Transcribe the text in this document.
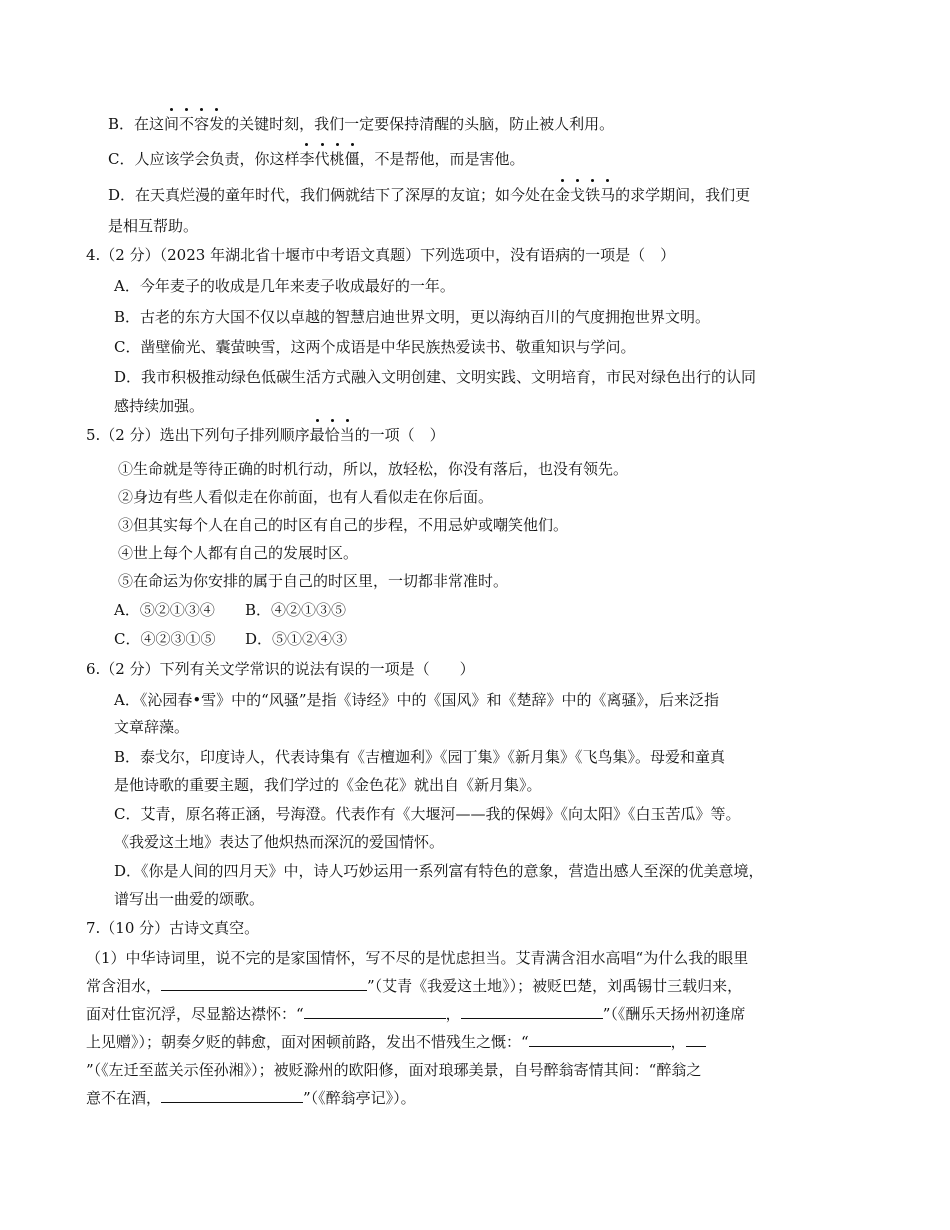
B．在这间不容发的关键时刻，我们一定要保持清醒的头脑，防止被人利用。
C．人应该学会负责，你这样李代桃僵，不是帮他，而是害他。
D．在天真烂漫的童年时代，我们俩就结下了深厚的友谊；如今处在金戈铁马的求学期间，我们更
是相互帮助。
4.（2 分）（2023 年湖北省十堰市中考语文真题）下列选项中，没有语病的一项是（　）
A．今年麦子的收成是几年来麦子收成最好的一年。
B．古老的东方大国不仅以卓越的智慧启迪世界文明，更以海纳百川的气度拥抱世界文明。
C．凿壁偷光、囊萤映雪，这两个成语是中华民族热爱读书、敬重知识与学问。
D．我市积极推动绿色低碳生活方式融入文明创建、文明实践、文明培育，市民对绿色出行的认同
感持续加强。
5.（2 分）选出下列句子排列顺序最恰当的一项（　）
①生命就是等待正确的时机行动，所以，放轻松，你没有落后，也没有领先。
②身边有些人看似走在你前面，也有人看似走在你后面。
③但其实每个人在自己的时区有自己的步程，不用忌妒或嘲笑他们。
④世上每个人都有自己的发展时区。
⑤在命运为你安排的属于自己的时区里，一切都非常准时。
A．⑤②①③④ B．④②①③⑤
C．④②③①⑤ D．⑤①②④③
6.（2 分）下列有关文学常识的说法有误的一项是（　　）
A．《沁园春•雪》中的“风骚”是指《诗经》中的《国风》和《楚辞》中的《离骚》，后来泛指
文章辞藻。
B．泰戈尔，印度诗人，代表诗集有《吉檀迦利》《园丁集》《新月集》《飞鸟集》。母爱和童真
是他诗歌的重要主题，我们学过的《金色花》就出自《新月集》。
C．艾青，原名蒋正涵，号海澄。代表作有《大堰河——我的保姆》《向太阳》《白玉苦瓜》等。
《我爱这土地》表达了他炽热而深沉的爱国情怀。
D．《你是人间的四月天》中，诗人巧妙运用一系列富有特色的意象，营造出感人至深的优美意境，
谱写出一曲爱的颂歌。
7.（10 分）古诗文真空。
（1）中华诗词里，说不完的是家国情怀，写不尽的是忧虑担当。艾青满含泪水高唱“为什么我的眼里
常含泪水，	”（艾青《我爱这土地》）；被贬巴楚，刘禹锡廿三载归来，
面对仕宦沉浮，尽显豁达襟怀：“	，	”（《酬乐天扬州初逢席
上见赠》）；朝奏夕贬的韩愈，面对困顿前路，发出不惜残生之慨：“	，
”（《左迁至蓝关示侄孙湘》）；被贬滁州的欧阳修，面对琅琊美景，自号醉翁寄情其间：“醉翁之
意不在酒，	”（《醉翁亭记》）。
